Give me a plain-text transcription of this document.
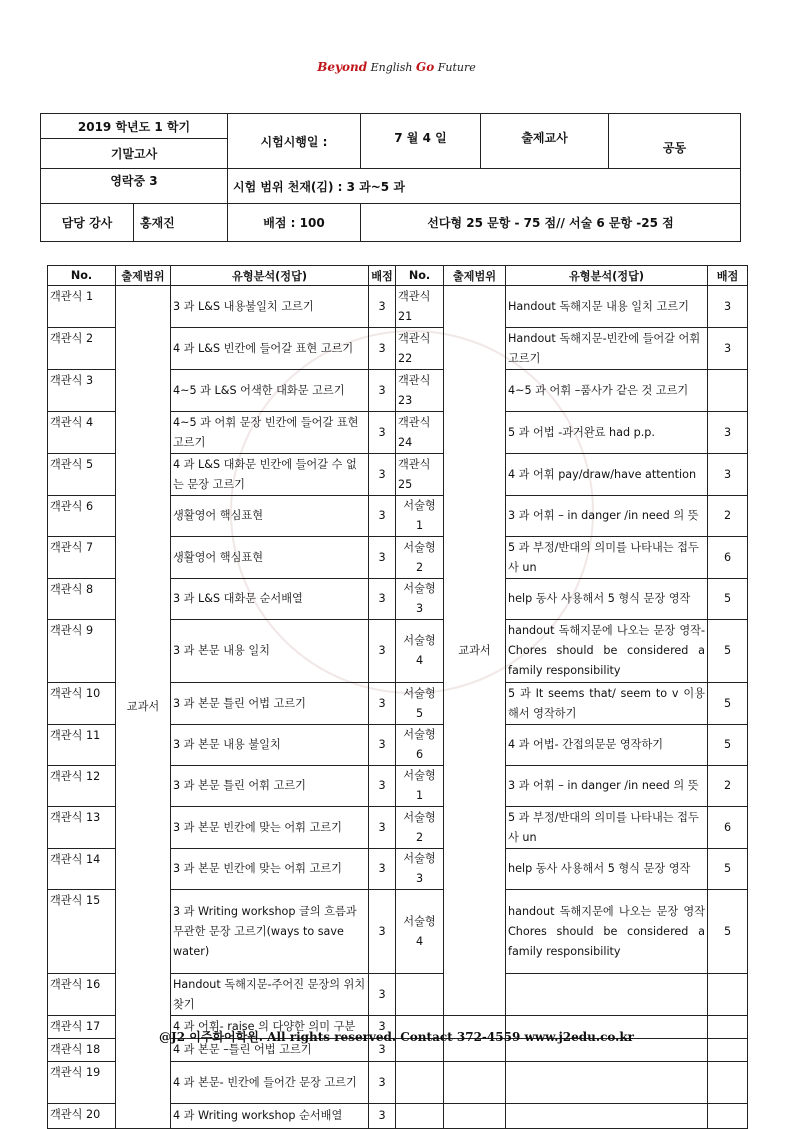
Beyond English Go Future
2019 학년도 1 학기	시험시행일 :	7 월 4 일	출제교사	공동
기말고사				
영락중 3	시험 범위 천재(김) : 3 과~5 과			

담당 강사 홍재진	배점 : 100	선다형 25 문항 - 75 점// 서술 6 문항 -25 점		
No.	출제범위	유형분석(정답)	배점	No.	출제범위	유형분석(정답)	배점
객관식 1	교과서	3 과 L&S 내용불일치 고르기	3	객관식 21	교과서	Handout 독해지문 내용 일치 고르기	3
객관식 2		4 과 L&S 빈칸에 들어갈 표현 고르기	3	객관식 22		Handout 독해지문-빈칸에 들어갈 어휘 고르기	3
객관식 3		4~5 과 L&S 어색한 대화문 고르기	3	객관식 23		4~5 과 어휘 –품사가 같은 것 고르기	
객관식 4		4~5 과 어휘 문장 빈칸에 들어갈 표현 고르기	3	객관식 24		5 과 어법 -과거완료 had p.p.	3
객관식 5		4 과 L&S 대화문 빈칸에 들어갈 수 없는 문장 고르기	3	객관식 25		4 과 어휘 pay/draw/have attention	3
객관식 6		생활영어 핵심표현	3	서술형 1		3 과 어휘 – in danger /in need 의 뜻	2
객관식 7		생활영어 핵심표현	3	서술형 2		5 과 부정/반대의 의미를 나타내는 접두사 un	6
객관식 8		3 과 L&S 대화문 순서배열	3	서술형 3		help 동사 사용해서 5 형식 문장 영작	5
객관식 9		3 과 본문 내용 일치	3	서술형 4		handout 독해지문에 나오는 문장 영작-Chores should be considered a family responsibility	5
객관식 10		3 과 본문 틀린 어법 고르기	3	서술형 5		5 과 It seems that/ seem to v 이용해서 영작하기	5
객관식 11		3 과 본문 내용 불일치	3	서술형 6		4 과 어법- 간접의문문 영작하기	5
객관식 12		3 과 본문 틀린 어휘 고르기	3	서술형 1		3 과 어휘 – in danger /in need 의 뜻	2
객관식 13		3 과 본문 빈칸에 맞는 어휘 고르기	3	서술형 2		5 과 부정/반대의 의미를 나타내는 접두사 un	6
객관식 14		3 과 본문 빈칸에 맞는 어휘 고르기	3	서술형 3		help 동사 사용해서 5 형식 문장 영작	5
객관식 15		3 과 Writing workshop 글의 흐름과 무관한 문장 고르기(ways to save water)	3	서술형 4		handout 독해지문에 나오는 문장 영작 Chores should be considered a family responsibility	5
객관식 16		Handout 독해지문-주어진 문장의 위치 찾기	3				
객관식 17		4 과 어휘- raise 의 다양한 의미 구분	3				
객관식 18		4 과 본문 –틀린 어법 고르기	3				
객관식 19		4 과 본문- 빈칸에 들어간 문장 고르기	3				
객관식 20		4 과 Writing workshop 순서배열	3				
@J2 이주화어학원. All rights reserved. Contact 372-4559 www.j2edu.co.kr
